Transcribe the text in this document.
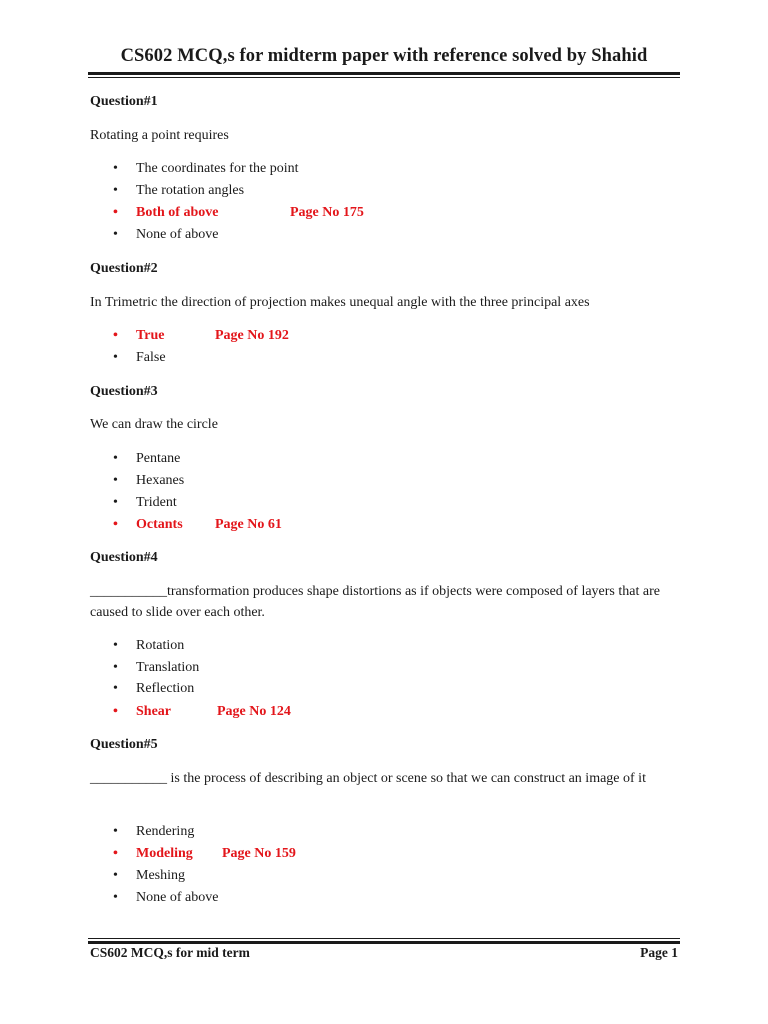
CS602 MCQ,s for midterm paper with reference solved by Shahid
Question#1
Rotating a point requires
• The coordinates for the point
• The rotation angles
• Both of above	Page No 175
• None of above
Question#2
In Trimetric the direction of projection makes unequal angle with the three principal axes
• True	Page No 192
• False
Question#3
We can draw the circle
• Pentane
• Hexanes
• Trident
• Octants Page No 61
Question#4
___________transformation produces shape distortions as if objects were composed of layers that are caused to slide over each other.
• Rotation
• Translation
• Reflection
• Shear	Page No 124
Question#5
___________ is the process of describing an object or scene so that we can construct an image of it
• Rendering
• Modeling Page No 159
• Meshing
• None of above
CS602 MCQ,s for mid term	Page 1
